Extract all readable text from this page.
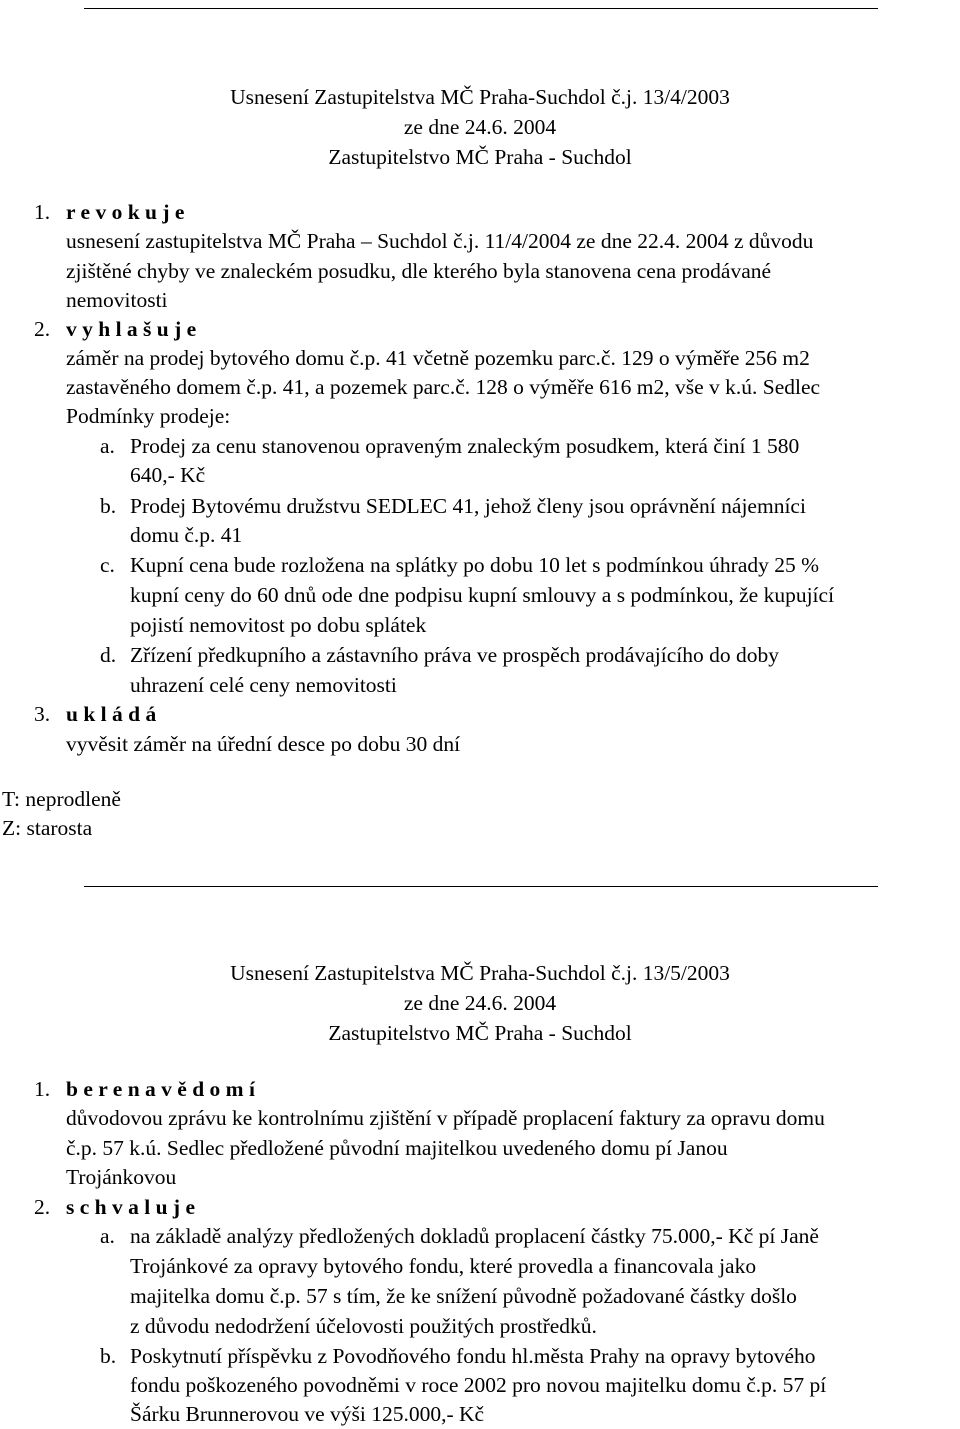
Usnesení Zastupitelstva MČ Praha-Suchdol č.j. 13/4/2003
ze dne 24.6. 2004
Zastupitelstvo MČ Praha - Suchdol
1. r e v o k u j e
usnesení zastupitelstva MČ Praha – Suchdol č.j. 11/4/2004 ze dne 22.4. 2004 z důvodu
zjištěné chyby ve znaleckém posudku, dle kterého byla stanovena cena prodávané
nemovitosti
2. v y h l a š u j e
záměr na prodej bytového domu č.p. 41 včetně pozemku parc.č. 129 o výměře 256 m2
zastavěného domem č.p. 41, a pozemek parc.č. 128 o výměře 616 m2, vše v k.ú. Sedlec
Podmínky prodeje:
a. Prodej za cenu stanovenou opraveným znaleckým posudkem, která činí 1 580
640,- Kč
b. Prodej Bytovému družstvu SEDLEC 41, jehož členy jsou oprávnění nájemníci
domu č.p. 41
c. Kupní cena bude rozložena na splátky po dobu 10 let s podmínkou úhrady 25 %
kupní ceny do 60 dnů ode dne podpisu kupní smlouvy a s podmínkou, že kupující
pojistí nemovitost po dobu splátek
d. Zřízení předkupního a zástavního práva ve prospěch prodávajícího do doby
uhrazení celé ceny nemovitosti
3. u k l á d á
vyvěsit záměr na úřední desce po dobu 30 dní
T: neprodleně
Z: starosta
Usnesení Zastupitelstva MČ Praha-Suchdol č.j. 13/5/2003
ze dne 24.6. 2004
Zastupitelstvo MČ Praha - Suchdol
1. b e r e n a v ě d o m í
důvodovou zprávu ke kontrolnímu zjištění v případě proplacení faktury za opravu domu
č.p. 57 k.ú. Sedlec předložené původní majitelkou uvedeného domu pí Janou
Trojánkovou
2. s c h v a l u j e
a. na základě analýzy předložených dokladů proplacení částky 75.000,- Kč pí Janě
Trojánkové za opravy bytového fondu, které provedla a financovala jako
majitelka domu č.p. 57 s tím, že ke snížení původně požadované částky došlo
z důvodu nedodržení účelovosti použitých prostředků.
b. Poskytnutí příspěvku z Povodňového fondu hl.města Prahy na opravy bytového
fondu poškozeného povodněmi v roce 2002 pro novou majitelku domu č.p. 57 pí
Šárku Brunnerovou ve výši 125.000,- Kč
